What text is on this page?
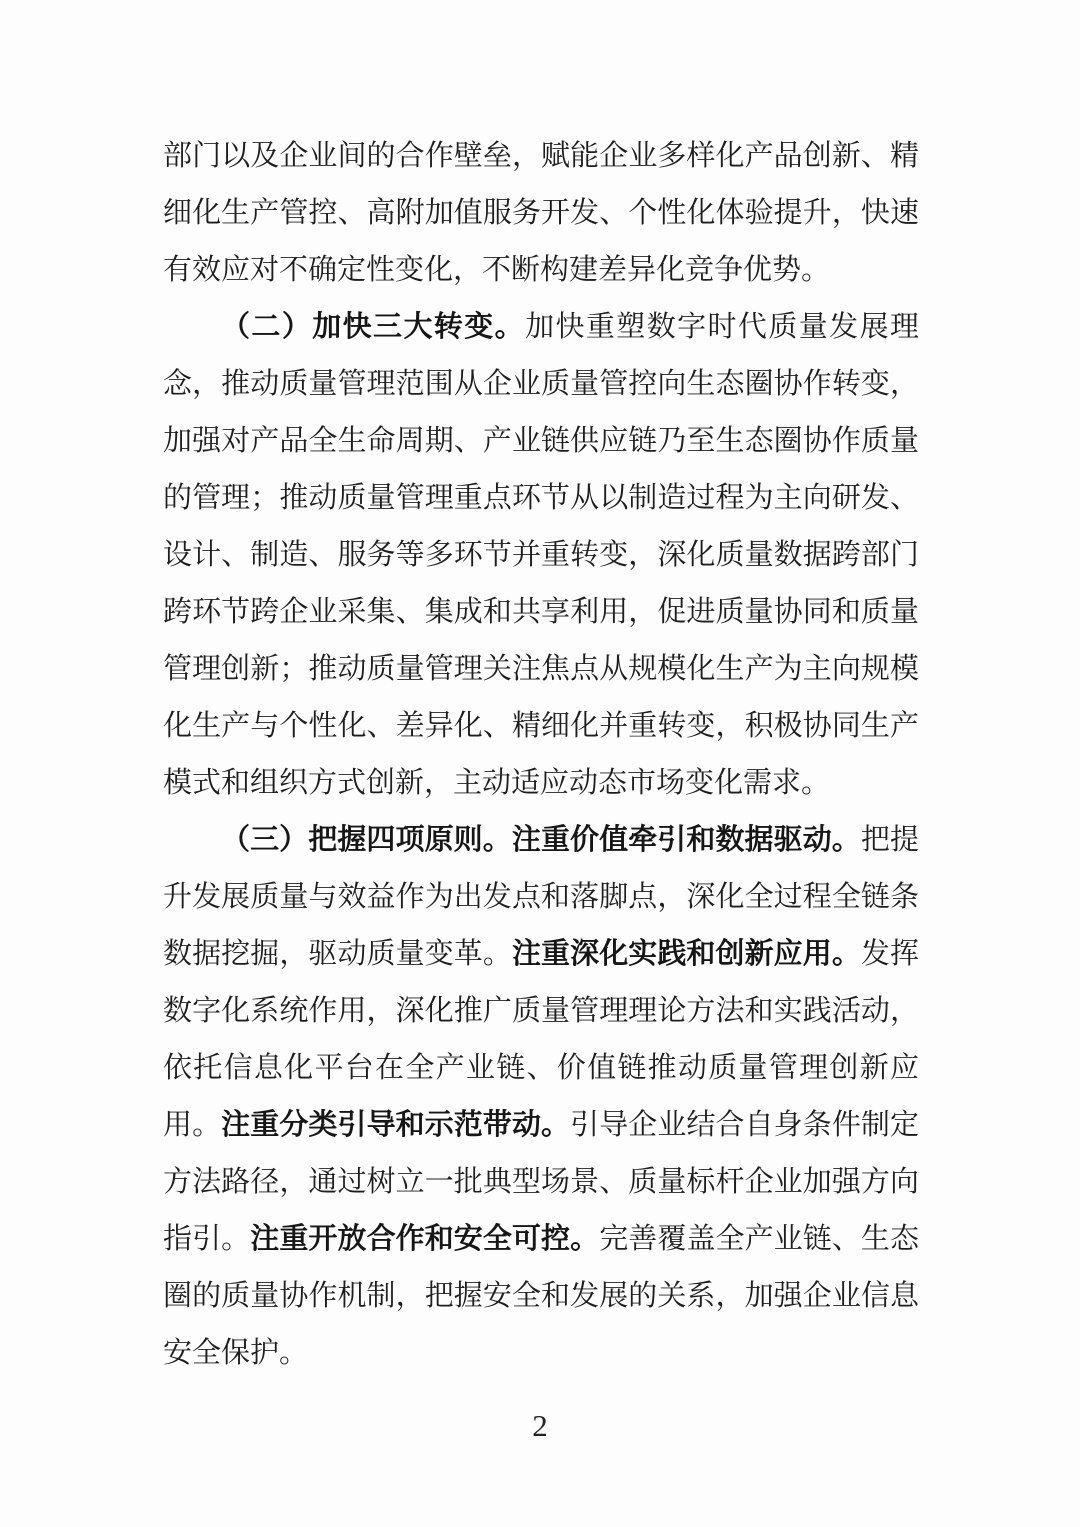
部门以及企业间的合作壁垒，赋能企业多样化产品创新、精细化生产管控、高附加值服务开发、个性化体验提升，快速有效应对不确定性变化，不断构建差异化竞争优势。

（二）加快三大转变。加快重塑数字时代质量发展理念，推动质量管理范围从企业质量管控向生态圈协作转变，加强对产品全生命周期、产业链供应链乃至生态圈协作质量的管理；推动质量管理重点环节从以制造过程为主向研发、设计、制造、服务等多环节并重转变，深化质量数据跨部门跨环节跨企业采集、集成和共享利用，促进质量协同和质量管理创新；推动质量管理关注焦点从规模化生产为主向规模化生产与个性化、差异化、精细化并重转变，积极协同生产模式和组织方式创新，主动适应动态市场变化需求。

（三）把握四项原则。注重价值牵引和数据驱动。把提升发展质量与效益作为出发点和落脚点，深化全过程全链条数据挖掘，驱动质量变革。注重深化实践和创新应用。发挥数字化系统作用，深化推广质量管理理论方法和实践活动，依托信息化平台在全产业链、价值链推动质量管理创新应用。注重分类引导和示范带动。引导企业结合自身条件制定方法路径，通过树立一批典型场景、质量标杆企业加强方向指引。注重开放合作和安全可控。完善覆盖全产业链、生态圈的质量协作机制，把握安全和发展的关系，加强企业信息安全保护。

2
